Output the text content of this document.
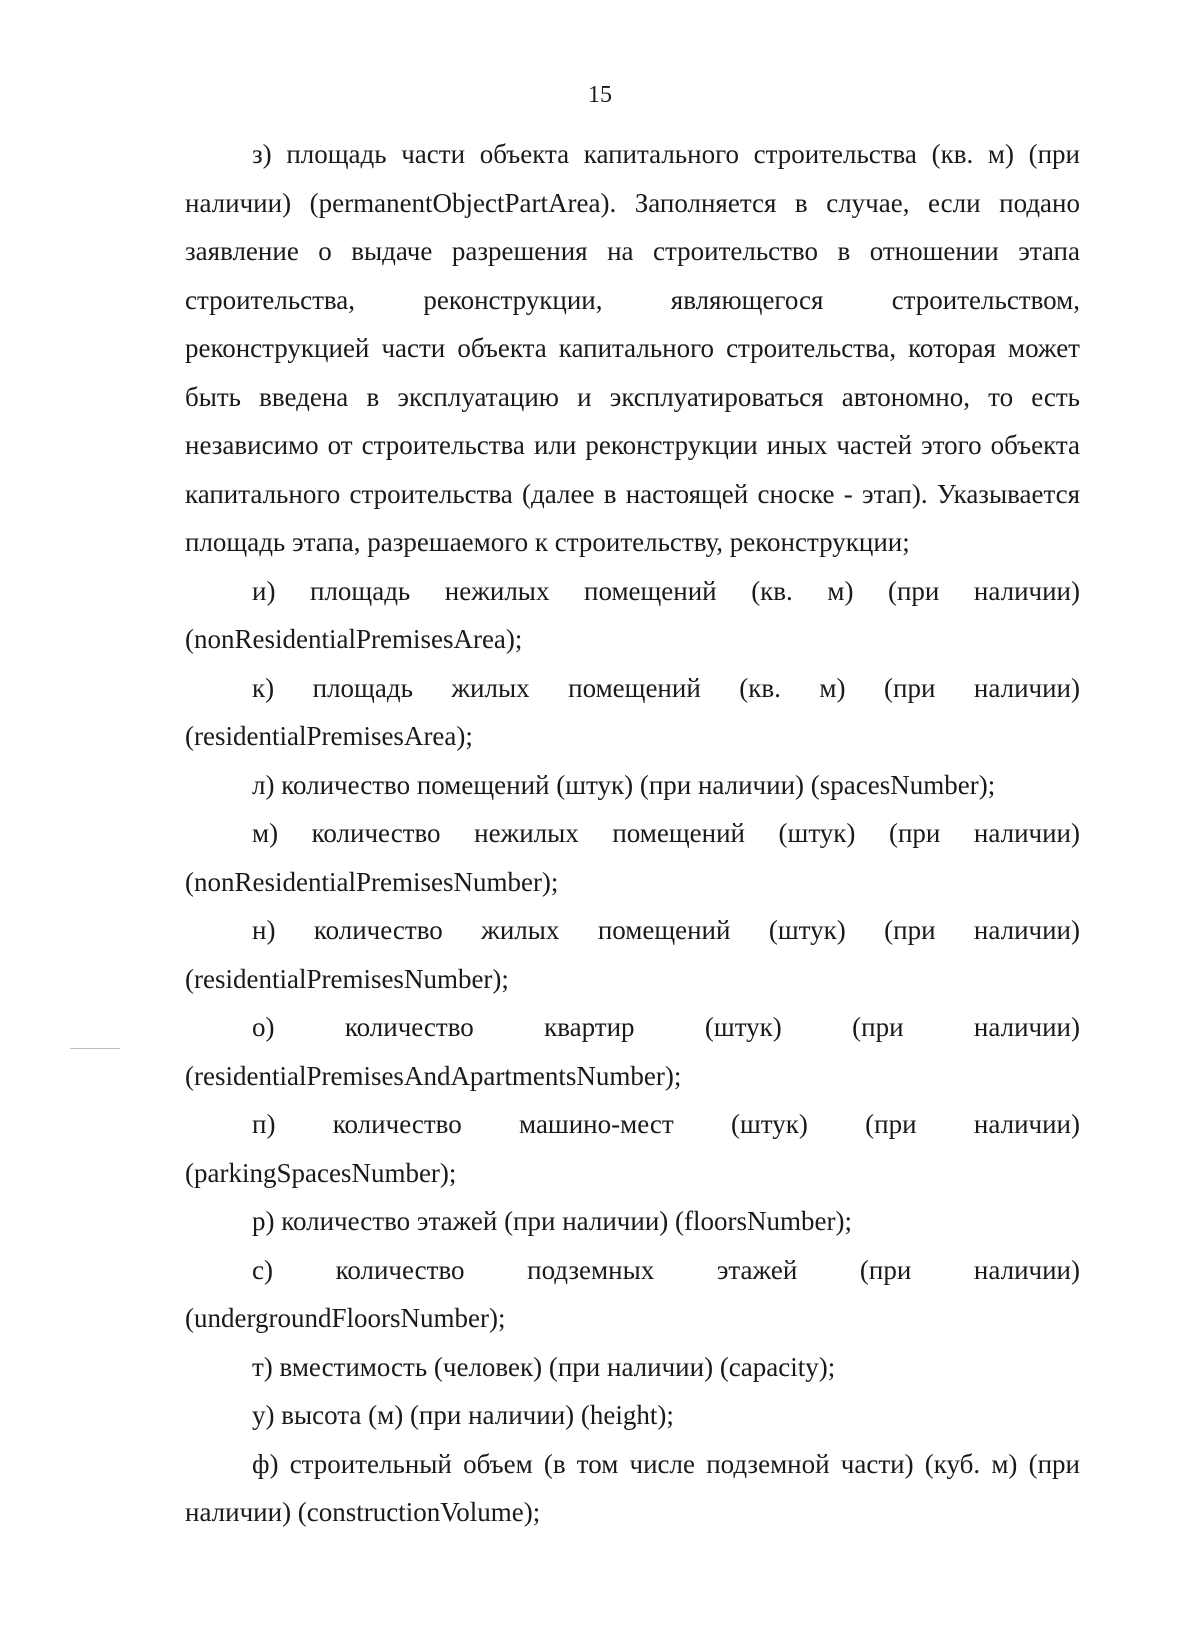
15

з) площадь части объекта капитального строительства (кв. м) (при наличии) (permanentObjectPartArea). Заполняется в случае, если подано заявление о выдаче разрешения на строительство в отношении этапа строительства, реконструкции, являющегося строительством, реконструкцией части объекта капитального строительства, которая может быть введена в эксплуатацию и эксплуатироваться автономно, то есть независимо от строительства или реконструкции иных частей этого объекта капитального строительства (далее в настоящей сноске - этап). Указывается площадь этапа, разрешаемого к строительству, реконструкции;

и) площадь нежилых помещений (кв. м) (при наличии) (nonResidentialPremisesArea);

к) площадь жилых помещений (кв. м) (при наличии) (residentialPremisesArea);

л) количество помещений (штук) (при наличии) (spacesNumber);

м) количество нежилых помещений (штук) (при наличии) (nonResidentialPremisesNumber);

н) количество жилых помещений (штук) (при наличии) (residentialPremisesNumber);

о) количество квартир (штук) (при наличии) (residentialPremisesAndApartmentsNumber);

п) количество машино-мест (штук) (при наличии) (parkingSpacesNumber);

р) количество этажей (при наличии) (floorsNumber);

с) количество подземных этажей (при наличии) (undergroundFloorsNumber);

т) вместимость (человек) (при наличии) (capacity);

у) высота (м) (при наличии) (height);

ф) строительный объем (в том числе подземной части) (куб. м) (при наличии) (constructionVolume);
